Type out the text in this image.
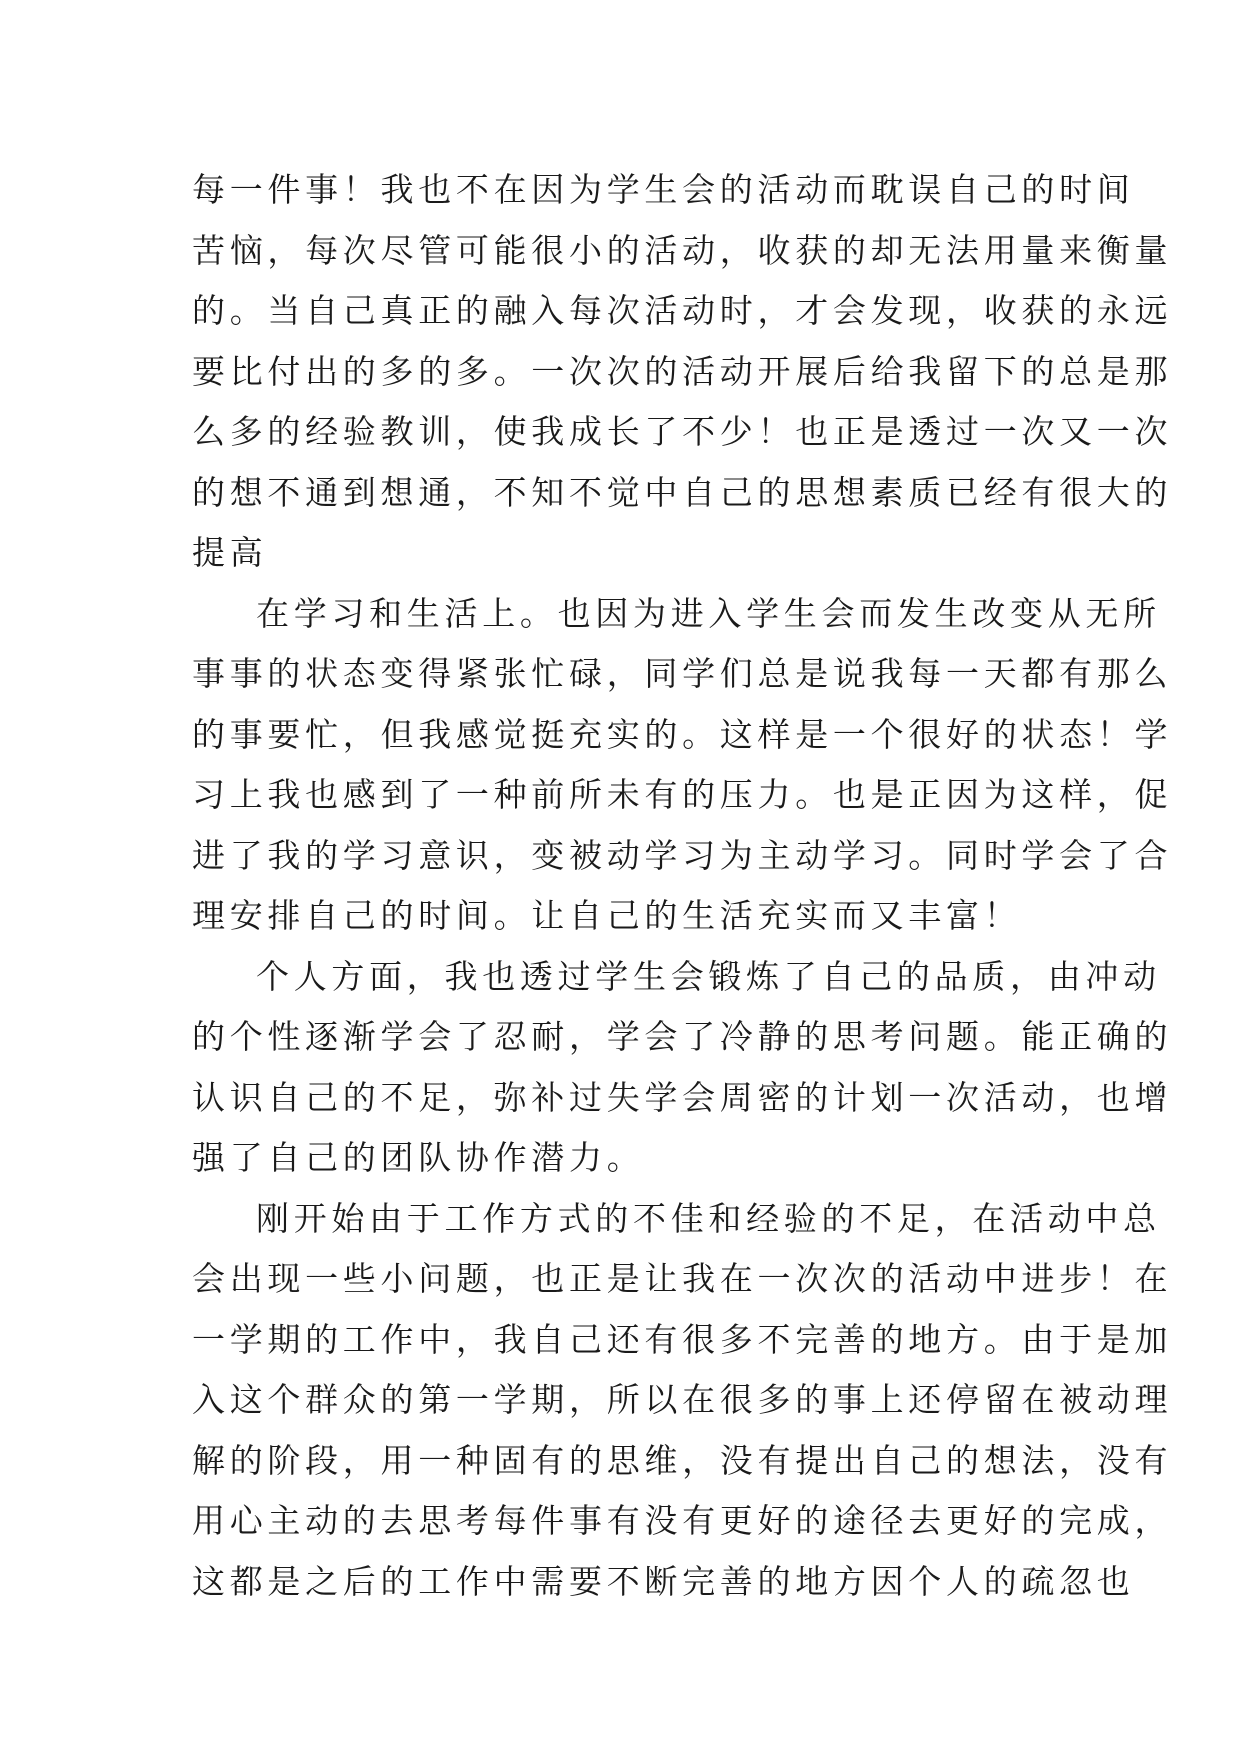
每一件事！我也不在因为学生会的活动而耽误自己的时间
苦恼，每次尽管可能很小的活动，收获的却无法用量来衡量
的。当自己真正的融入每次活动时，才会发现，收获的永远
要比付出的多的多。一次次的活动开展后给我留下的总是那
么多的经验教训，使我成长了不少！也正是透过一次又一次
的想不通到想通，不知不觉中自己的思想素质已经有很大的
提高
在学习和生活上。也因为进入学生会而发生改变从无所
事事的状态变得紧张忙碌，同学们总是说我每一天都有那么
的事要忙，但我感觉挺充实的。这样是一个很好的状态！学
习上我也感到了一种前所未有的压力。也是正因为这样，促
进了我的学习意识，变被动学习为主动学习。同时学会了合
理安排自己的时间。让自己的生活充实而又丰富！
个人方面，我也透过学生会锻炼了自己的品质，由冲动
的个性逐渐学会了忍耐，学会了冷静的思考问题。能正确的
认识自己的不足，弥补过失学会周密的计划一次活动，也增
强了自己的团队协作潜力。
刚开始由于工作方式的不佳和经验的不足，在活动中总
会出现一些小问题，也正是让我在一次次的活动中进步！在
一学期的工作中，我自己还有很多不完善的地方。由于是加
入这个群众的第一学期，所以在很多的事上还停留在被动理
解的阶段，用一种固有的思维，没有提出自己的想法，没有
用心主动的去思考每件事有没有更好的途径去更好的完成，
这都是之后的工作中需要不断完善的地方因个人的疏忽也
